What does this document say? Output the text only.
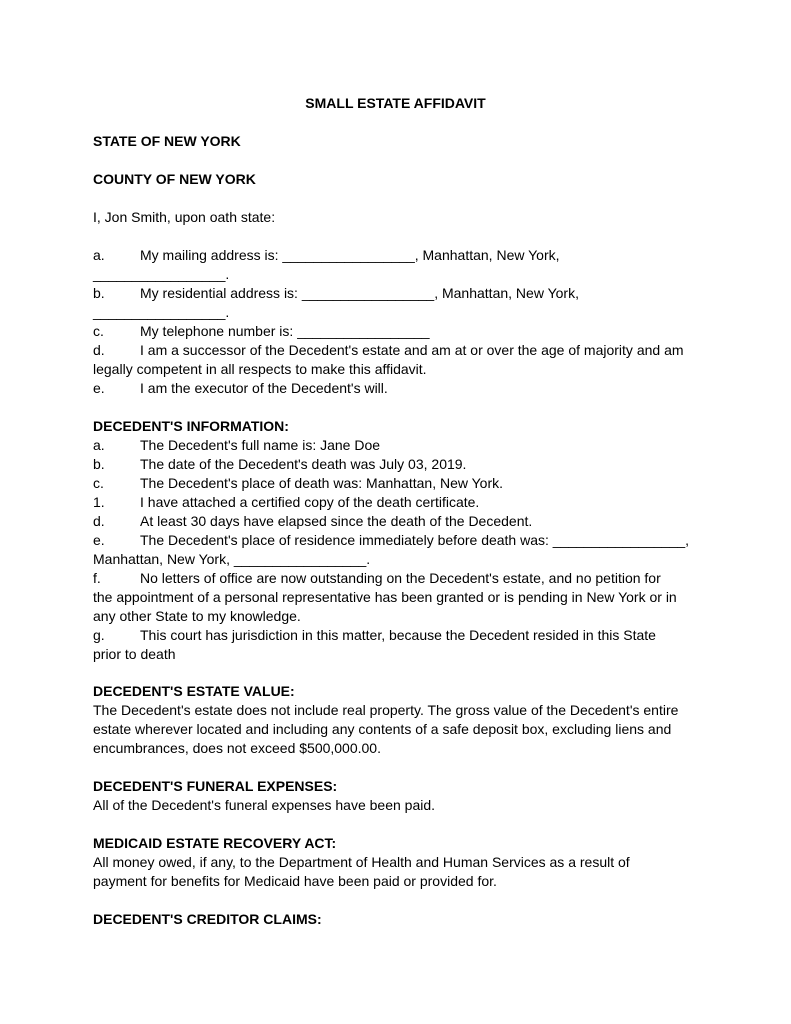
SMALL ESTATE AFFIDAVIT
STATE OF NEW YORK
COUNTY OF NEW YORK
I, Jon Smith, upon oath state:
a.	My mailing address is: _________________, Manhattan, New York,
_________________.
b.	My residential address is: _________________, Manhattan, New York,
_________________.
c.	My telephone number is: _________________
d.	I am a successor of the Decedent's estate and am at or over the age of majority and am
legally competent in all respects to make this affidavit.
e.	I am the executor of the Decedent's will.
DECEDENT'S INFORMATION:
a.	The Decedent's full name is: Jane Doe
b.	The date of the Decedent's death was July 03, 2019.
c.	The Decedent's place of death was: Manhattan, New York.
1.	I have attached a certified copy of the death certificate.
d.	At least 30 days have elapsed since the death of the Decedent.
e.	The Decedent's place of residence immediately before death was: _________________,
Manhattan, New York, _________________.
f.	No letters of office are now outstanding on the Decedent's estate, and no petition for
the appointment of a personal representative has been granted or is pending in New York or in
any other State to my knowledge.
g.	This court has jurisdiction in this matter, because the Decedent resided in this State
prior to death
DECEDENT'S ESTATE VALUE:
The Decedent's estate does not include real property. The gross value of the Decedent's entire
estate wherever located and including any contents of a safe deposit box, excluding liens and
encumbrances, does not exceed $500,000.00.
DECEDENT'S FUNERAL EXPENSES:
All of the Decedent's funeral expenses have been paid.
MEDICAID ESTATE RECOVERY ACT:
All money owed, if any, to the Department of Health and Human Services as a result of
payment for benefits for Medicaid have been paid or provided for.
DECEDENT'S CREDITOR CLAIMS:
